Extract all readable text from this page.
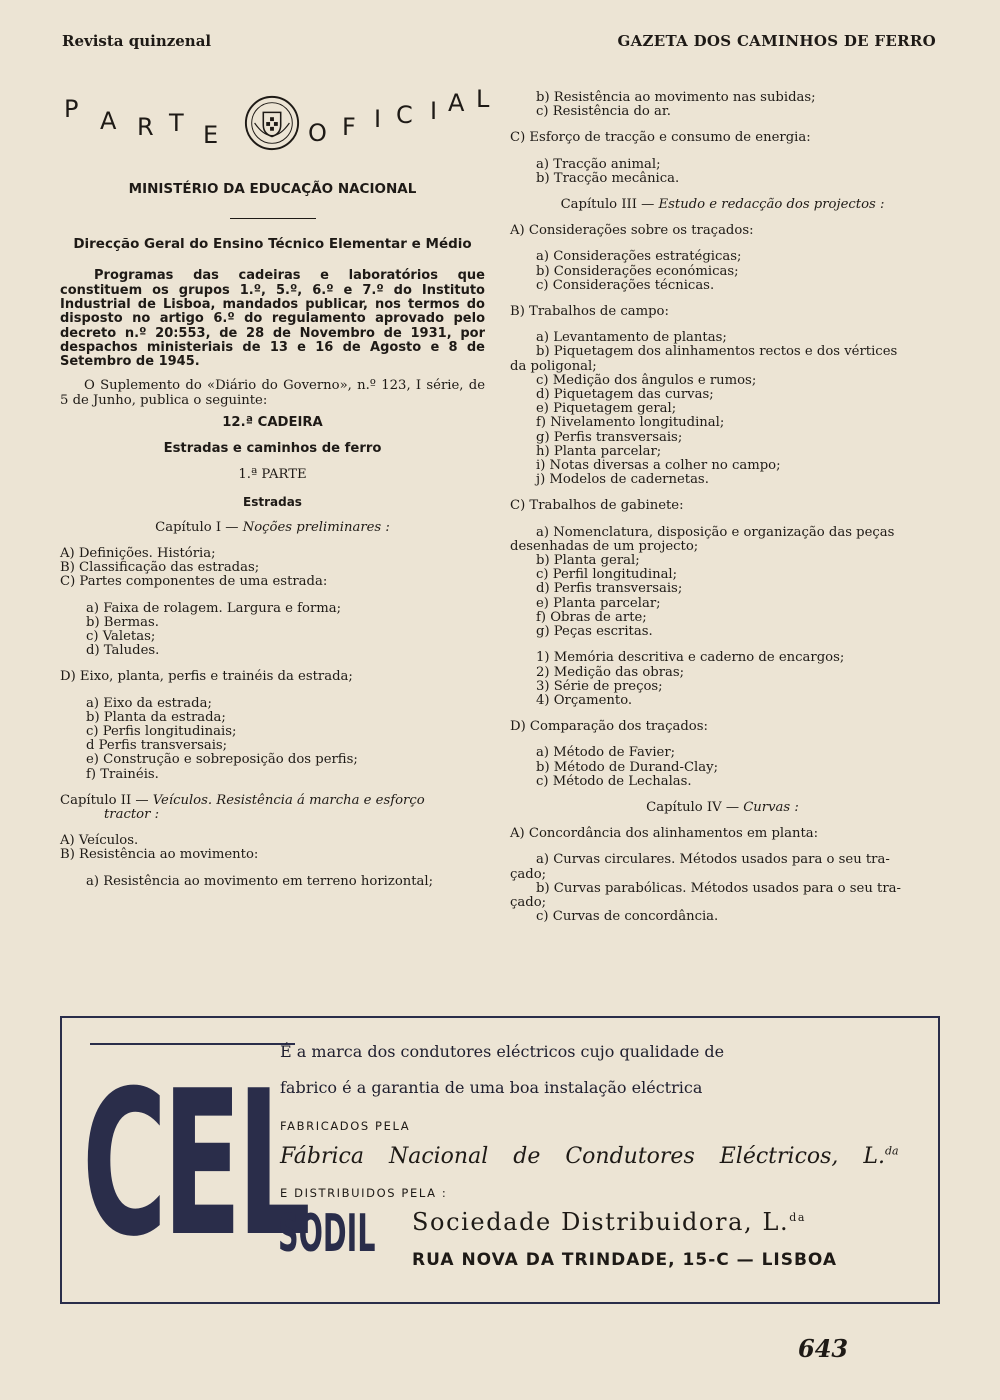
Revista quinzenal	GAZETA DOS CAMINHOS DE FERRO
P A R T E	O F I C I A L
MINISTÉRIO DA EDUCAÇÃO NACIONAL
Direcção Geral do Ensino Técnico Elementar e Médio
Programas das cadeiras e laboratórios que constituem os grupos 1.º, 5.º, 6.º e 7.º do Instituto Industrial de Lisboa, mandados publicar, nos termos do disposto no artigo 6.º do regulamento aprovado pelo decreto n.º 20:553, de 28 de Novembro de 1931, por despachos ministeriais de 13 e 16 de Agosto e 8 de Setembro de 1945.
O Suplemento do «Diário do Governo», n.º 123, I série, de 5 de Junho, publica o seguinte:
12.ª CADEIRA
Estradas e caminhos de ferro
1.ª PARTE
Estradas
Capítulo I — Noções preliminares :
A) Definições. História;
B) Classificação das estradas;
C) Partes componentes de uma estrada:
a) Faixa de rolagem. Largura e forma;
b) Bermas.
c) Valetas;
d) Taludes.
D) Eixo, planta, perfis e trainéis da estrada;
a) Eixo da estrada;
b) Planta da estrada;
c) Perfis longitudinais;
d Perfis transversais;
e) Construção e sobreposição dos perfis;
f) Trainéis.
Capítulo II — Veículos. Resistência á marcha e esforço
tractor :
A) Veículos.
B) Resistência ao movimento:
a) Resistência ao movimento em terreno horizontal;
b) Resistência ao movimento nas subidas;
c) Resistência do ar.
C) Esforço de tracção e consumo de energia:
a) Tracção animal;
b) Tracção mecânica.
Capítulo III — Estudo e redacção dos projectos :
A) Considerações sobre os traçados:
a) Considerações estratégicas;
b) Considerações económicas;
c) Considerações técnicas.
B) Trabalhos de campo:
a) Levantamento de plantas;
b) Piquetagem dos alinhamentos rectos e dos vértices
da poligonal;
c) Medição dos ângulos e rumos;
d) Piquetagem das curvas;
e) Piquetagem geral;
f) Nivelamento longitudinal;
g) Perfis transversais;
h) Planta parcelar;
i) Notas diversas a colher no campo;
j) Modelos de cadernetas.
C) Trabalhos de gabinete:
a) Nomenclatura, disposição e organização das peças
desenhadas de um projecto;
b) Planta geral;
c) Perfil longitudinal;
d) Perfis transversais;
e) Planta parcelar;
f) Obras de arte;
g) Peças escritas.
1) Memória descritiva e caderno de encargos;
2) Medição das obras;
3) Série de preços;
4) Orçamento.
D) Comparação dos traçados:
a) Método de Favier;
b) Método de Durand-Clay;
c) Método de Lechalas.
Capítulo IV — Curvas :
A) Concordância dos alinhamentos em planta:
a) Curvas circulares. Métodos usados para o seu tra-
çado;
b) Curvas parabólicas. Métodos usados para o seu tra-
çado;
c) Curvas de concordância.
CEL
É a marca dos condutores eléctricos cujo qualidade de
fabrico é a garantia de uma boa instalação eléctrica
FABRICADOS PELA
Fábrica Nacional de Condutores Eléctricos, L.$^{da}$
E DISTRIBUIDOS PELA :
SODIL Sociedade Distribuidora, L.$^{da}$
RUA NOVA DA TRINDADE, 15-C — LISBOA
643
